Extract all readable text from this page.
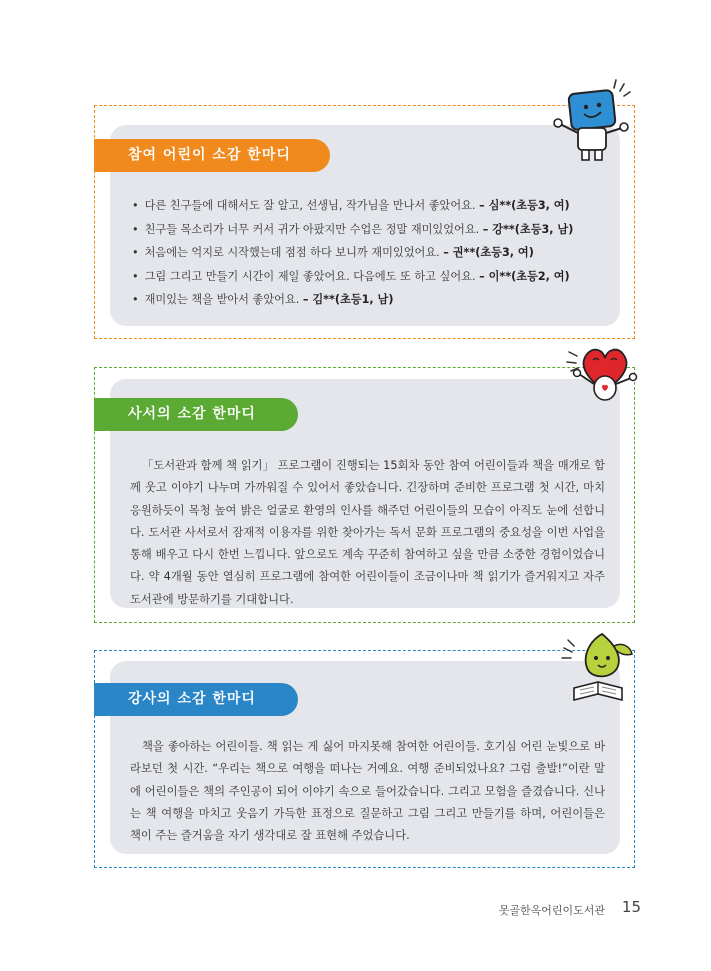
참여 어린이 소감 한마디
• 다른 친구들에 대해서도 잘 알고, 선생님, 작가님을 만나서 좋았어요. – 심**(초등3, 여)
• 친구들 목소리가 너무 커서 귀가 아팠지만 수업은 정말 재미있었어요. – 강**(초등3, 남)
• 처음에는 억지로 시작했는데 점점 하다 보니까 재미있었어요. – 권**(초등3, 여)
• 그림 그리고 만들기 시간이 제일 좋았어요. 다음에도 또 하고 싶어요. – 이**(초등2, 여)
• 재미있는 책을 받아서 좋았어요. – 김**(초등1, 남)
사서의 소감 한마디

「도서관과 함께 책 읽기」 프로그램이 진행되는 15회차 동안 참여 어린이들과 책을 매개로 함께 웃고 이야기 나누며 가까워질 수 있어서 좋았습니다. 긴장하며 준비한 프로그램 첫 시간, 마치 응원하듯이 목청 높여 밝은 얼굴로 환영의 인사를 해주던 어린이들의 모습이 아직도 눈에 선합니다. 도서관 사서로서 잠재적 이용자를 위한 찾아가는 독서 문화 프로그램의 중요성을 이번 사업을 통해 배우고 다시 한번 느낍니다. 앞으로도 계속 꾸준히 참여하고 싶을 만큼 소중한 경험이었습니다. 약 4개월 동안 열심히 프로그램에 참여한 어린이들이 조금이나마 책 읽기가 즐거워지고 자주 도서관에 방문하기를 기대합니다.

강사의 소감 한마디

책을 좋아하는 어린이들. 책 읽는 게 싫어 마지못해 참여한 어린이들. 호기심 어린 눈빛으로 바라보던 첫 시간. “우리는 책으로 여행을 떠나는 거예요. 여행 준비되었나요? 그럼 출발!”이란 말에 어린이들은 책의 주인공이 되어 이야기 속으로 들어갔습니다. 그리고 모험을 즐겼습니다. 신나는 책 여행을 마치고 웃음기 가득한 표정으로 질문하고 그림 그리고 만들기를 하며, 어린이들은 책이 주는 즐거움을 자기 생각대로 잘 표현해 주었습니다.

못골한옥어린이도서관 15
